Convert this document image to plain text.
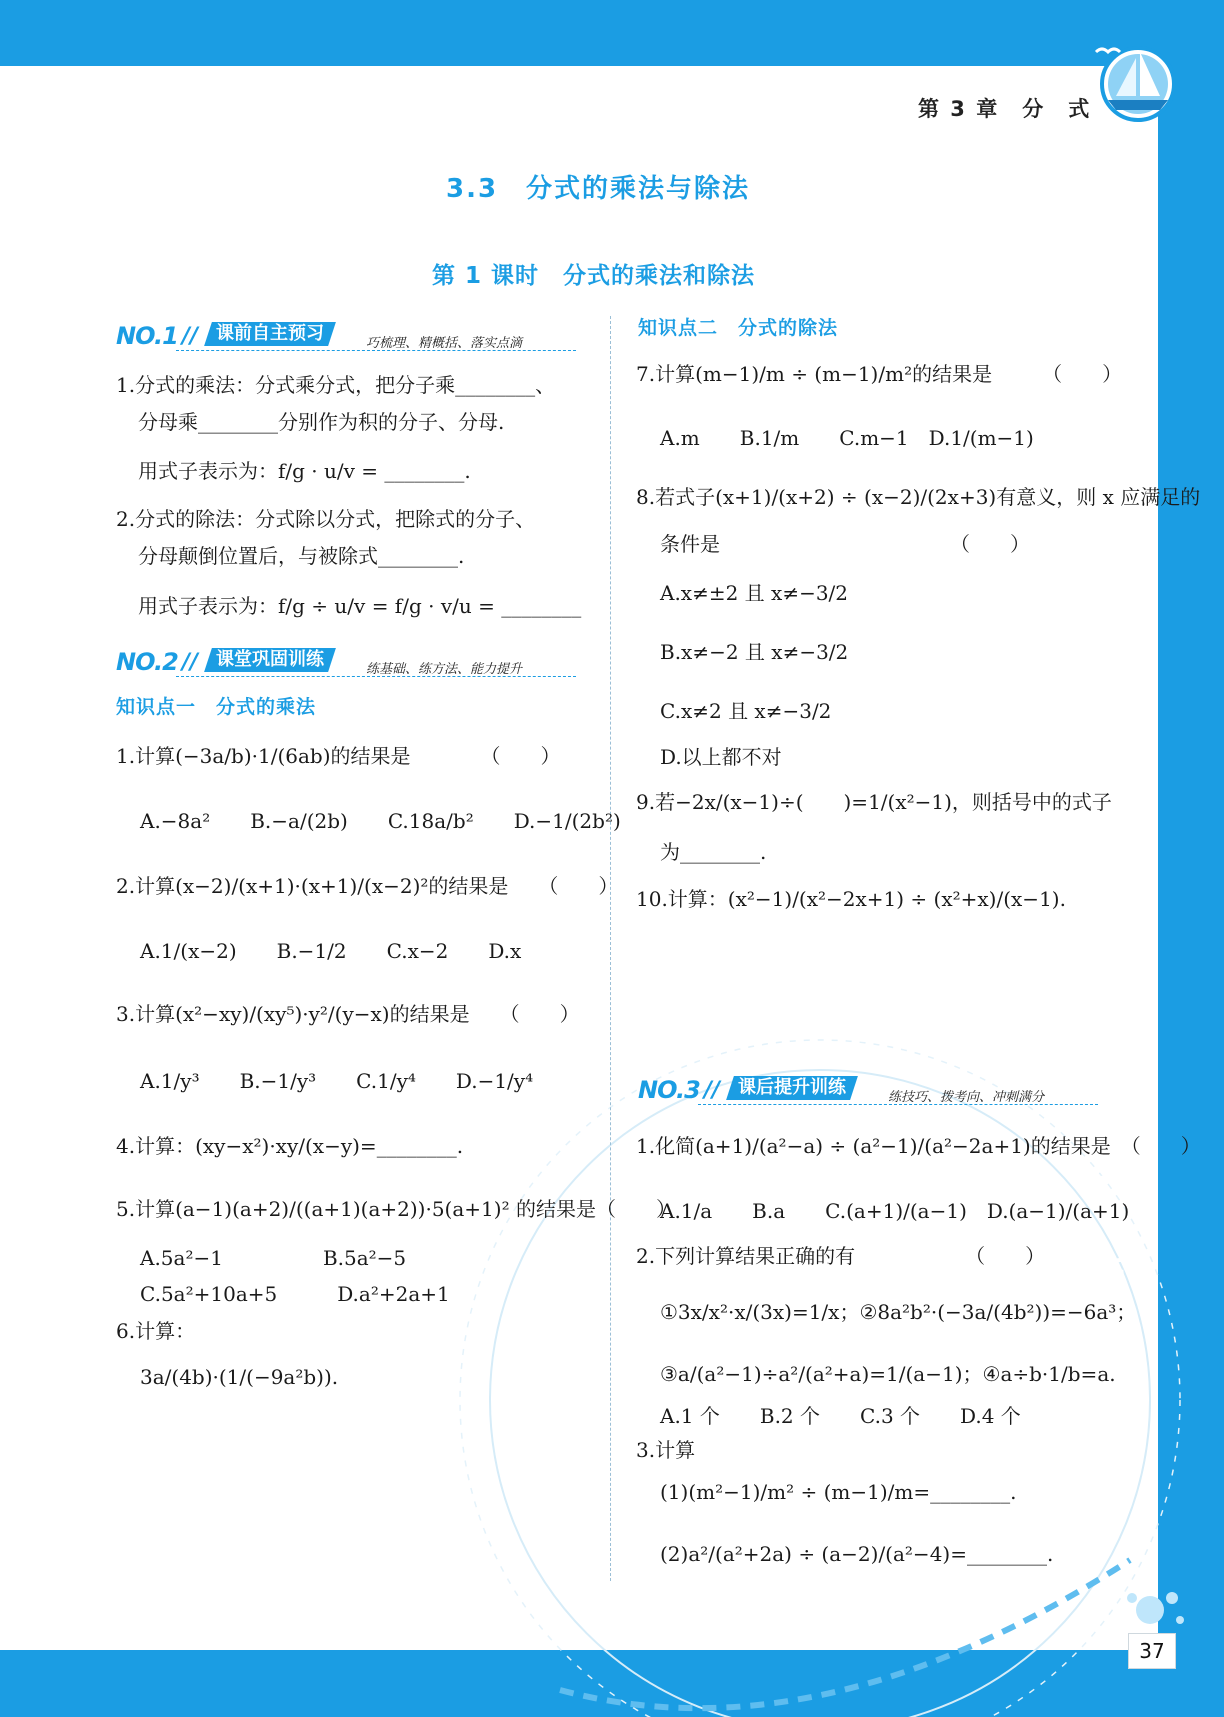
第 3 章　分　式
3.3　分式的乘法与除法
第 1 课时　分式的乘法和除法
NO.1 // 课前自主预习	巧梳理、精概括、落实点滴
1.分式的乘法：分式乘分式，把分子乘________、
分母乘________分别作为积的分子、分母.
用式子表示为：f/g · u/v = ________.
2.分式的除法：分式除以分式，把除式的分子、
分母颠倒位置后，与被除式________.
用式子表示为：f/g ÷ u/v = f/g · v/u = ________
NO.2 // 课堂巩固训练	练基础、练方法、能力提升
知识点一　分式的乘法
1.计算(−3a/b)·1/(6ab)的结果是　　　　（　　）
A.−8a²　　B.−a/(2b)　　C.18a/b²　　D.−1/(2b²)
2.计算(x−2)/(x+1)·(x+1)/(x−2)²的结果是　　（　　）
A.1/(x−2)　　B.−1/2　　C.x−2　　D.x
3.计算(x²−xy)/(xy⁵)·y²/(y−x)的结果是　　（　　）
A.1/y³　　B.−1/y³　　C.1/y⁴　　D.−1/y⁴
4.计算：(xy−x²)·xy/(x−y)=________.
5.计算(a−1)(a+2)/((a+1)(a+2))·5(a+1)² 的结果是（　　）
A.5a²−1　　　　　B.5a²−5
C.5a²+10a+5　　　D.a²+2a+1
6.计算：
3a/(4b)·(1/(−9a²b)).
知识点二　分式的除法
7.计算(m−1)/m ÷ (m−1)/m²的结果是　　　（　　）
A.m　　B.1/m　　C.m−1　D.1/(m−1)
8.若式子(x+1)/(x+2) ÷ (x−2)/(2x+3)有意义，则 x 应满足的
条件是　　　　　　　　　　　　（　　）
A.x≠±2 且 x≠−3/2
B.x≠−2 且 x≠−3/2
C.x≠2 且 x≠−3/2
D.以上都不对
9.若−2x/(x−1)÷(　　)=1/(x²−1)，则括号中的式子
为________.
10.计算：(x²−1)/(x²−2x+1) ÷ (x²+x)/(x−1).
NO.3 // 课后提升训练	练技巧、拨考向、冲刺满分
1.化简(a+1)/(a²−a) ÷ (a²−1)/(a²−2a+1)的结果是　（　　）
A.1/a　　B.a　　C.(a+1)/(a−1)　D.(a−1)/(a+1)
2.下列计算结果正确的有　　　　　　（　　）
①3x/x²·x/(3x)=1/x；②8a²b²·(−3a/(4b²))=−6a³；
③a/(a²−1)÷a²/(a²+a)=1/(a−1)；④a÷b·1/b=a.
A.1 个　　B.2 个　　C.3 个　　D.4 个
3.计算
(1)(m²−1)/m² ÷ (m−1)/m=________.
(2)a²/(a²+2a) ÷ (a−2)/(a²−4)=________.
37
